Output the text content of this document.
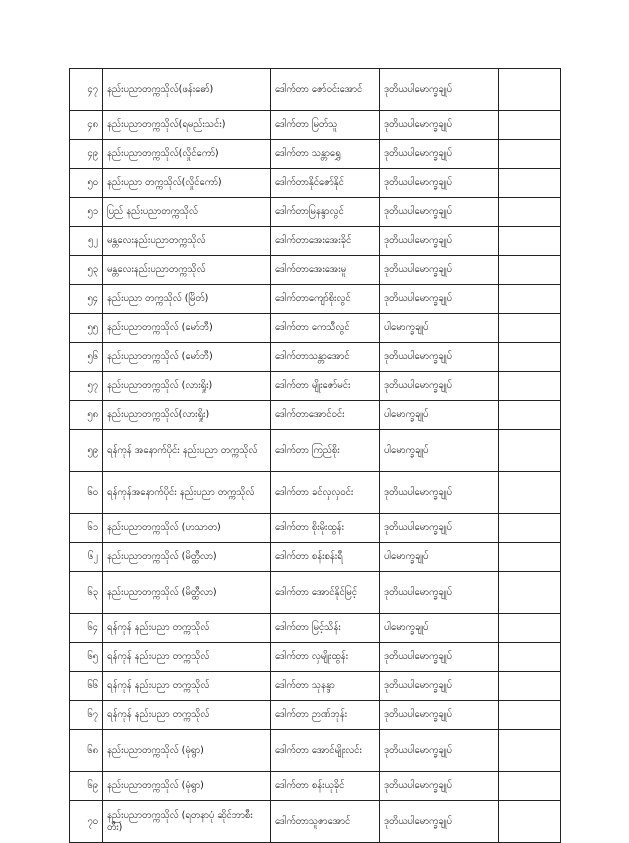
၄၇	နည်းပညာတက္ကသိုလ်(ဖန်းဓော်)	ဒေါက်တာ ဇော်ဝင်းအောင်	ဒုတိယပါမောက္ခချုပ်	
၄၈	နည်းပညာတက္ကသိုလ်(ရမည်းသင်း)	ဒေါက်တာ မြတ်သူ	ဒုတိယပါမောက္ခချုပ်	
၄၉	နည်းပညာတက္ကသိုလ်(လှိုင်ကော်)	ဒေါက်တာ သန္တာရွှေ	ဒုတိယပါမောက္ခချုပ်	
၅၀	နည်းပညာ တက္ကသိုလ်(လှိုင်ကော်)	ဒေါက်တာနိုင်ဇော်နိုင်	ဒုတိယပါမောက္ခချုပ်	
၅၁	ပြည် နည်းပညာတက္ကသိုလ်	ဒေါက်တာမြနန္ဒာလွင်	ဒုတိယပါမောက္ခချုပ်	
၅၂	မန္တလေးနည်းပညာတက္ကသိုလ်	ဒေါက်တာအေးအေးခိုင်	ဒုတိယပါမောက္ခချုပ်	
၅၃	မန္တလေးနည်းပညာတက္ကသိုလ်	ဒေါက်တာအေးအေးမူ	ဒုတိယပါမောက္ခချုပ်	
၅၄	နည်းပညာ တက္ကသိုလ် (မြိတ်)	ဒေါက်တာကျော်စိုးလွင်	ဒုတိယပါမောက္ခချုပ်	
၅၅	နည်းပညာတက္ကသိုလ် (မော်ဘီ)	ဒေါက်တာ ကေသီလွင်	ပါမောက္ခချုပ်	
၅၆	နည်းပညာတက္ကသိုလ် (မော်ဘီ)	ဒေါက်တာသန္တာအောင်	ဒုတိယပါမောက္ခချုပ်	
၅၇	နည်းပညာတက္ကသိုလ် (လားရှိုး)	ဒေါက်တာ မျိုးဇော်မင်း	ဒုတိယပါမောက္ခချုပ်	
၅၈	နည်းပညာတက္ကသိုလ်(လားရှိုး)	ဒေါက်တာအောင်ဝင်း	ပါမောက္ခချုပ်	
၅၉	ရန်ကုန် အနောက်ပိုင်း နည်းပညာ တက္ကသိုလ်	ဒေါက်တာ ကြည်စိုး	ပါမောက္ခချုပ်	
၆၀	ရန်ကုန်အနောက်ပိုင်း နည်းပညာ တက္ကသိုလ်	ဒေါက်တာ ခင်လှလှဝင်း	ဒုတိယပါမောက္ခချုပ်	
၆၁	နည်းပညာတက္ကသိုလ် (ဟသာတ)	ဒေါက်တာ စိုးမိုးထွန်း	ဒုတိယပါမောက္ခချုပ်	
၆၂	နည်းပညာတက္ကသိုလ် (မိတ္ထီလာ)	ဒေါက်တာ စန်းစန်းရီ	ပါမောက္ခချုပ်	
၆၃	နည်းပညာတက္ကသိုလ် (မိတ္ထီလာ)	ဒေါက်တာ အောင်နိုင်မြင့်	ဒုတိယပါမောက္ခချုပ်	
၆၄	ရန်ကုန် နည်းပညာ တက္ကသိုလ်	ဒေါက်တာ မြင့်သိန်း	ပါမောက္ခချုပ်	
၆၅	ရန်ကုန် နည်းပညာ တက္ကသိုလ်	ဒေါက်တာ လှမျိုးထွန်း	ဒုတိယပါမောက္ခချုပ်	
၆၆	ရန်ကုန် နည်းပညာ တက္ကသိုလ်	ဒေါက်တာ သုနန္ဒာ	ဒုတိယပါမောက္ခချုပ်	
၆၇	ရန်ကုန် နည်းပညာ တက္ကသိုလ်	ဒေါက်တာ ဉာဏ်ဘုန်း	ဒုတိယပါမောက္ခချုပ်	
၆၈	နည်းပညာတက္ကသိုလ် (မုံရွာ)	ဒေါက်တာ အောင်မျိုးလင်း	ဒုတိယပါမောက္ခချုပ်	
၆၉	နည်းပညာတက္ကသိုလ် (မုံရွာ)	ဒေါက်တာ စန်းယုခိုင်	ဒုတိယပါမောက္ခချုပ်	
၇၀	နည်းပညာတက္ကသိုလ် (ရတနာပုံ ဆိုင်ဘာစီးတီး)	ဒေါက်တာသူဇာအောင်	ဒုတိယပါမောက္ခချုပ်	
